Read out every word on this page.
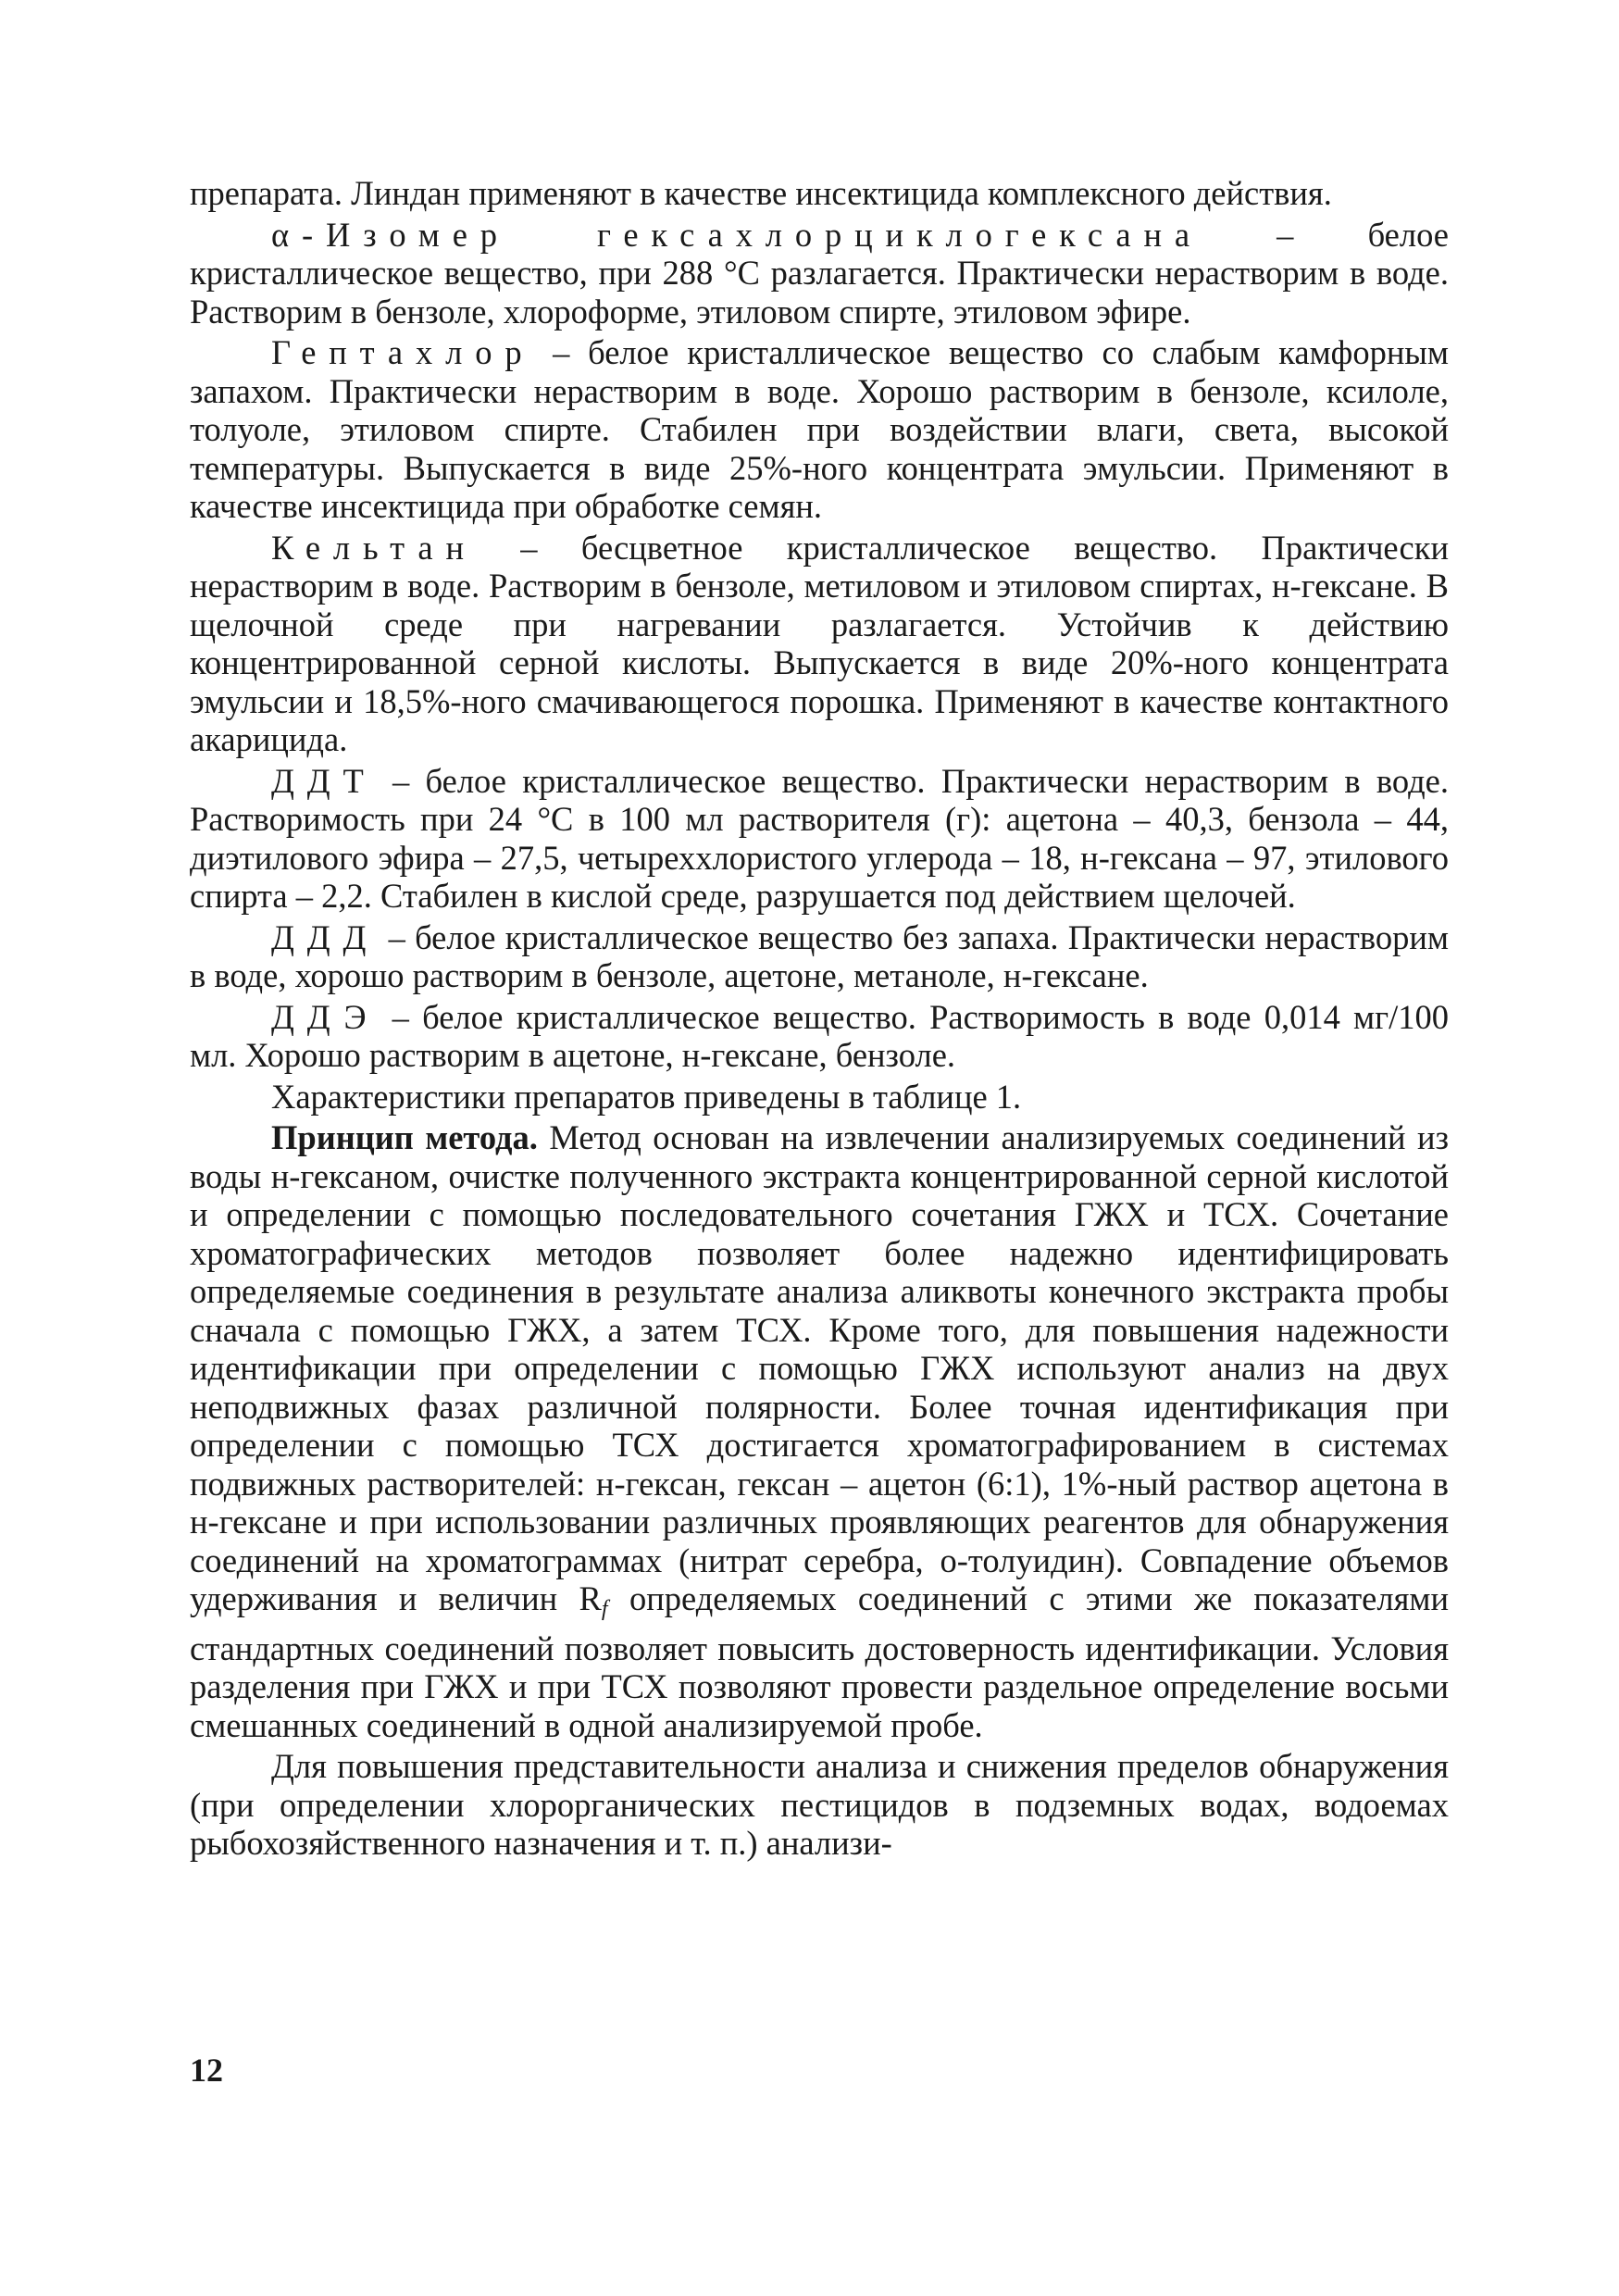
препарата. Линдан применяют в качестве инсектицида комплексного действия.

α-Изомер гексахлорциклогексана – белое кристаллическое вещество, при 288 °С разлагается. Практически нерастворим в воде. Растворим в бензоле, хлороформе, этиловом спирте, этиловом эфире.

Гептахлор – белое кристаллическое вещество со слабым камфорным запахом. Практически нерастворим в воде. Хорошо растворим в бензоле, ксилоле, толуоле, этиловом спирте. Стабилен при воздействии влаги, света, высокой температуры. Выпускается в виде 25%-ного концентрата эмульсии. Применяют в качестве инсектицида при обработке семян.

Кельтан – бесцветное кристаллическое вещество. Практически нерастворим в воде. Растворим в бензоле, метиловом и этиловом спиртах, н-гексане. В щелочной среде при нагревании разлагается. Устойчив к действию концентрированной серной кислоты. Выпускается в виде 20%-ного концентрата эмульсии и 18,5%-ного смачивающегося порошка. Применяют в качестве контактного акарицида.

ДДТ – белое кристаллическое вещество. Практически нерастворим в воде. Растворимость при 24 °С в 100 мл растворителя (г): ацетона – 40,3, бензола – 44, диэтилового эфира – 27,5, четыреххлористого углерода – 18, н-гексана – 97, этилового спирта – 2,2. Стабилен в кислой среде, разрушается под действием щелочей.

ДДД – белое кристаллическое вещество без запаха. Практически нерастворим в воде, хорошо растворим в бензоле, ацетоне, метаноле, н-гексане.

ДДЭ – белое кристаллическое вещество. Растворимость в воде 0,014 мг/100 мл. Хорошо растворим в ацетоне, н-гексане, бензоле.

Характеристики препаратов приведены в таблице 1.

Принцип метода. Метод основан на извлечении анализируемых соединений из воды н-гексаном, очистке полученного экстракта концентрированной серной кислотой и определении с помощью последовательного сочетания ГЖХ и ТСХ. Сочетание хроматографических методов позволяет более надежно идентифицировать определяемые соединения в результате анализа аликвоты конечного экстракта пробы сначала с помощью ГЖХ, а затем ТСХ. Кроме того, для повышения надежности идентификации при определении с помощью ГЖХ используют анализ на двух неподвижных фазах различной полярности. Более точная идентификация при определении с помощью ТСХ достигается хроматографированием в системах подвижных растворителей: н-гексан, гексан – ацетон (6:1), 1%-ный раствор ацетона в н-гексане и при использовании различных проявляющих реагентов для обнаружения соединений на хроматограммах (нитрат серебра, о-толуидин). Совпадение объемов удерживания и величин $R_f$ определяемых соединений с этими же показателями стандартных соединений позволяет повысить достоверность идентификации. Условия разделения при ГЖХ и при ТСХ позволяют провести раздельное определение восьми смешанных соединений в одной анализируемой пробе.

Для повышения представительности анализа и снижения пределов обнаружения (при определении хлорорганических пестицидов в подземных водах, водоемах рыбохозяйственного назначения и т. п.) анализи-

12
